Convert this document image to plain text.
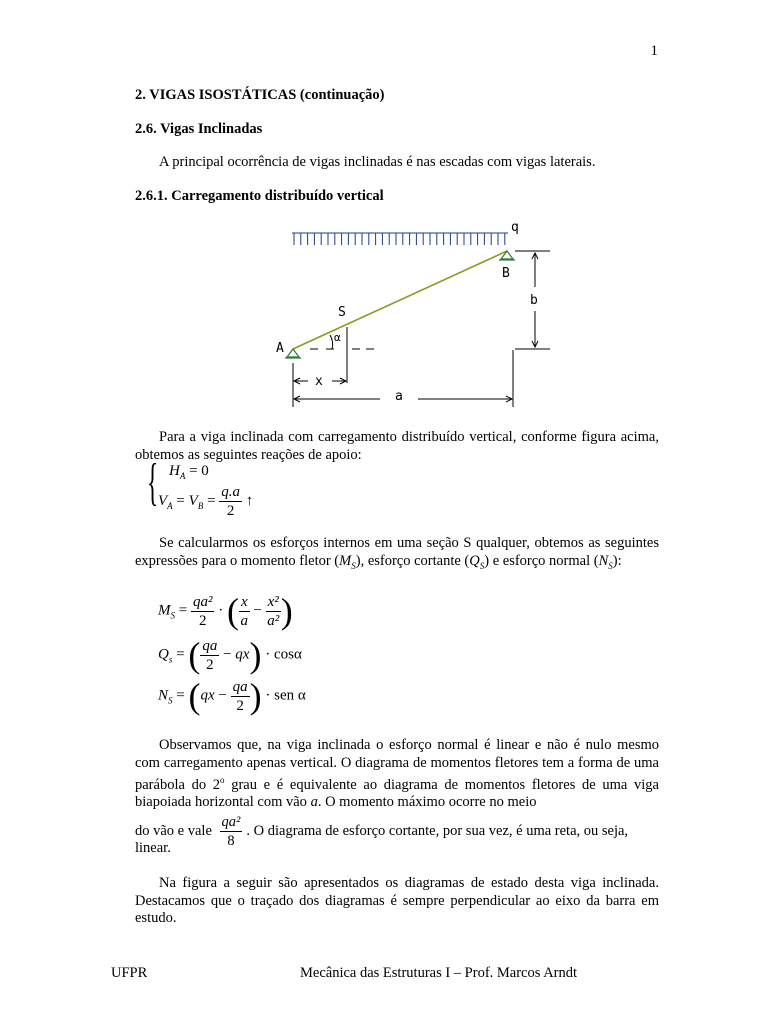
1
2. VIGAS ISOSTÁTICAS (continuação)
2.6. Vigas Inclinadas
A principal ocorrência de vigas inclinadas é nas escadas com vigas laterais.
2.6.1. Carregamento distribuído vertical
q
A
B
S
α
b
a
x
Para a viga inclinada com carregamento distribuído vertical, conforme figura acima, obtemos as seguintes reações de apoio:
{ $H_A = 0$
$V_A = V_B = \frac{q.a}{2}$ ↑
Se calcularmos os esforços internos em uma seção S qualquer, obtemos as seguintes expressões para o momento fletor $(M_S)$, esforço cortante $(Q_S)$ e esforço normal $(N_S)$:
$M_S = \frac{\text{qa²}}{2}$ · ( $\frac{x}{a} - \frac{\text{x²}}{\text{a²}}$ )
$Q_s$ = ( $\frac{qa}{2} - qx) \cdot \cos\alpha$
$N_S = (qx - \frac{qa}{2}$ ) · sen α
Observamos que, na viga inclinada o esforço normal é linear e não é nulo mesmo com carregamento apenas vertical. O diagrama de momentos fletores tem a forma de uma parábola do 2$^o$ grau e é equivalente ao diagrama de momentos fletores de uma viga biapoiada horizontal com vão a. O momento máximo ocorre no meio
do vão e vale $\frac{\text{qa²}}{8}$ . O diagrama de esforço cortante, por sua vez, é uma reta, ou seja,
linear.
Na figura a seguir são apresentados os diagramas de estado desta viga inclinada. Destacamos que o traçado dos diagramas é sempre perpendicular ao eixo da barra em estudo.
UFPR	Mecânica das Estruturas I – Prof. Marcos Arndt
